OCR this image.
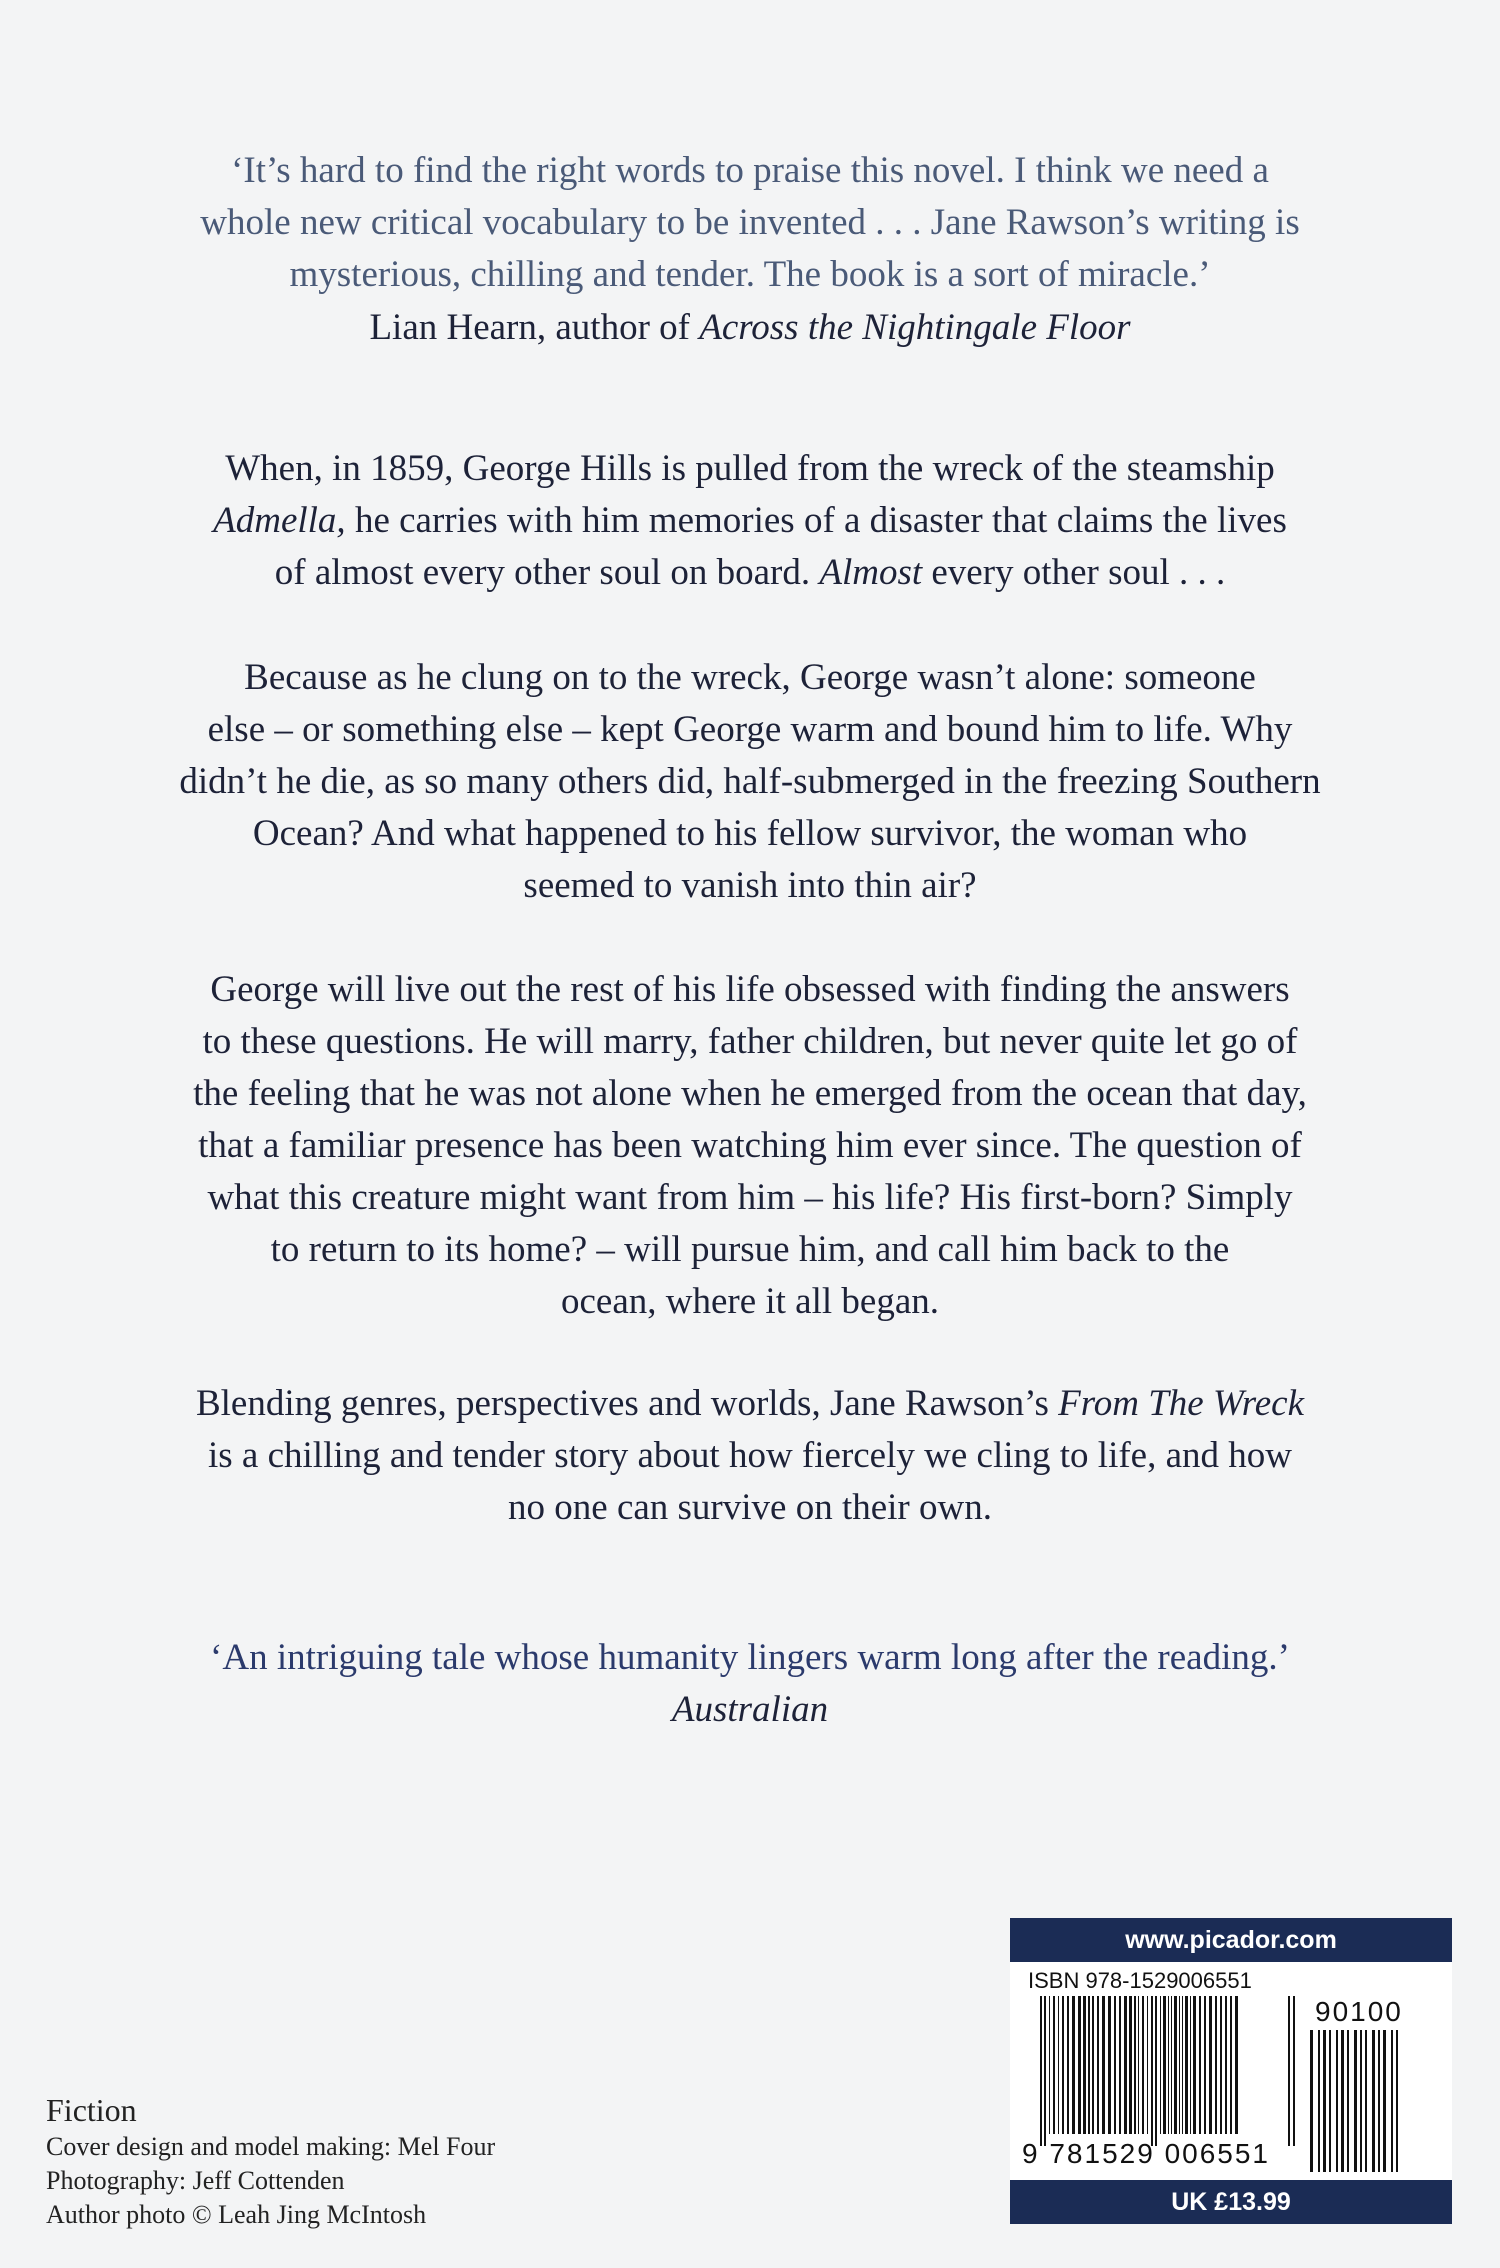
‘It’s hard to find the right words to praise this novel. I think we need a
whole new critical vocabulary to be invented . . . Jane Rawson’s writing is
mysterious, chilling and tender. The book is a sort of miracle.’
Lian Hearn, author of Across the Nightingale Floor
When, in 1859, George Hills is pulled from the wreck of the steamship
Admella, he carries with him memories of a disaster that claims the lives
of almost every other soul on board. Almost every other soul . . .
Because as he clung on to the wreck, George wasn’t alone: someone
else – or something else – kept George warm and bound him to life. Why
didn’t he die, as so many others did, half-submerged in the freezing Southern
Ocean? And what happened to his fellow survivor, the woman who
seemed to vanish into thin air?
George will live out the rest of his life obsessed with finding the answers
to these questions. He will marry, father children, but never quite let go of
the feeling that he was not alone when he emerged from the ocean that day,
that a familiar presence has been watching him ever since. The question of
what this creature might want from him – his life? His first-born? Simply
to return to its home? – will pursue him, and call him back to the
ocean, where it all began.
Blending genres, perspectives and worlds, Jane Rawson’s From The Wreck
is a chilling and tender story about how fiercely we cling to life, and how
no one can survive on their own.
‘An intriguing tale whose humanity lingers warm long after the reading.’
Australian
Fiction
Cover design and model making: Mel Four
Photography: Jeff Cottenden
Author photo © Leah Jing McIntosh
www.picador.com
ISBN 978-1529006551
90100
9 781529 006551
UK £13.99
